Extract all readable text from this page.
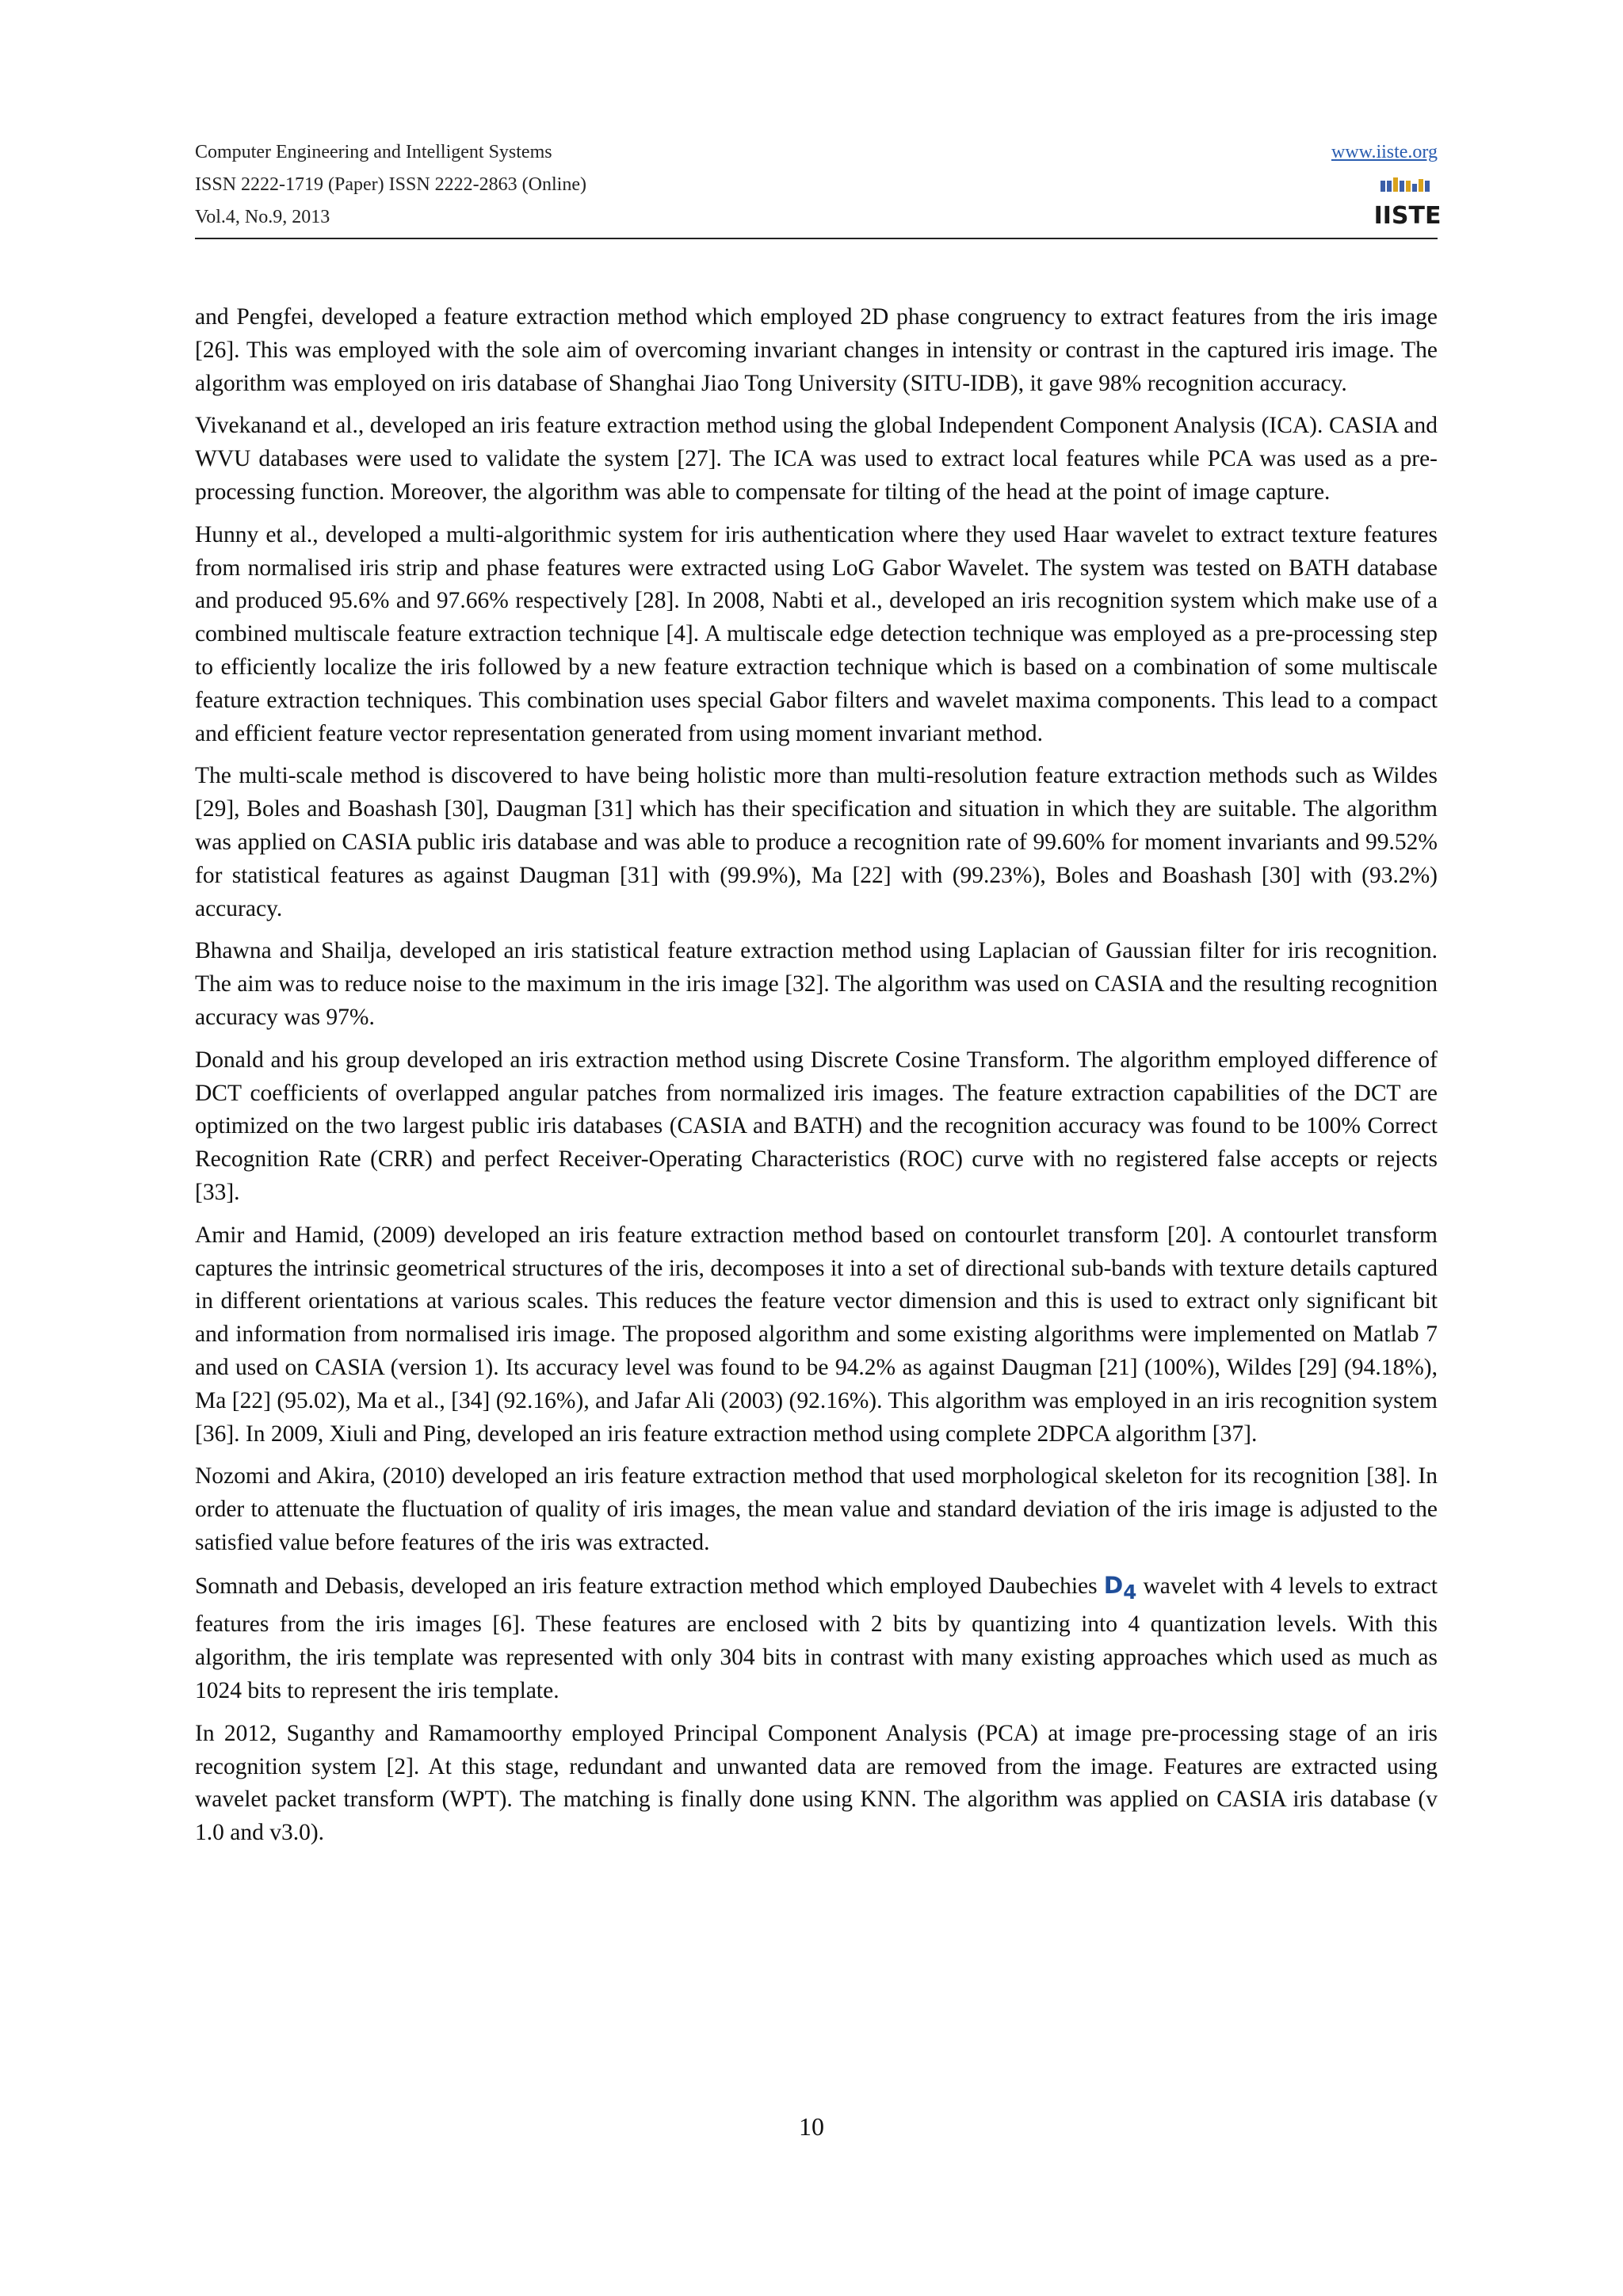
Computer Engineering and Intelligent Systems
ISSN 2222-1719 (Paper) ISSN 2222-2863 (Online)
Vol.4, No.9, 2013
www.iiste.org
IISTE

and Pengfei, developed a feature extraction method which employed 2D phase congruency to extract features from the iris image [26]. This was employed with the sole aim of overcoming invariant changes in intensity or contrast in the captured iris image. The algorithm was employed on iris database of Shanghai Jiao Tong University (SITU-IDB), it gave 98% recognition accuracy.

Vivekanand et al., developed an iris feature extraction method using the global Independent Component Analysis (ICA). CASIA and WVU databases were used to validate the system [27]. The ICA was used to extract local features while PCA was used as a pre-processing function. Moreover, the algorithm was able to compensate for tilting of the head at the point of image capture.

Hunny et al., developed a multi-algorithmic system for iris authentication where they used Haar wavelet to extract texture features from normalised iris strip and phase features were extracted using LoG Gabor Wavelet. The system was tested on BATH database and produced 95.6% and 97.66% respectively [28]. In 2008, Nabti et al., developed an iris recognition system which make use of a combined multiscale feature extraction technique [4]. A multiscale edge detection technique was employed as a pre-processing step to efficiently localize the iris followed by a new feature extraction technique which is based on a combination of some multiscale feature extraction techniques. This combination uses special Gabor filters and wavelet maxima components. This lead to a compact and efficient feature vector representation generated from using moment invariant method.

The multi-scale method is discovered to have being holistic more than multi-resolution feature extraction methods such as Wildes [29], Boles and Boashash [30], Daugman [31] which has their specification and situation in which they are suitable. The algorithm was applied on CASIA public iris database and was able to produce a recognition rate of 99.60% for moment invariants and 99.52% for statistical features as against Daugman [31] with (99.9%), Ma [22] with (99.23%), Boles and Boashash [30] with (93.2%) accuracy.

Bhawna and Shailja, developed an iris statistical feature extraction method using Laplacian of Gaussian filter for iris recognition. The aim was to reduce noise to the maximum in the iris image [32]. The algorithm was used on CASIA and the resulting recognition accuracy was 97%.

Donald and his group developed an iris extraction method using Discrete Cosine Transform. The algorithm employed difference of DCT coefficients of overlapped angular patches from normalized iris images. The feature extraction capabilities of the DCT are optimized on the two largest public iris databases (CASIA and BATH) and the recognition accuracy was found to be 100% Correct Recognition Rate (CRR) and perfect Receiver-Operating Characteristics (ROC) curve with no registered false accepts or rejects [33].

Amir and Hamid, (2009) developed an iris feature extraction method based on contourlet transform [20]. A contourlet transform captures the intrinsic geometrical structures of the iris, decomposes it into a set of directional sub-bands with texture details captured in different orientations at various scales. This reduces the feature vector dimension and this is used to extract only significant bit and information from normalised iris image. The proposed algorithm and some existing algorithms were implemented on Matlab 7 and used on CASIA (version 1). Its accuracy level was found to be 94.2% as against Daugman [21] (100%), Wildes [29] (94.18%), Ma [22] (95.02), Ma et al., [34] (92.16%), and Jafar Ali (2003) (92.16%). This algorithm was employed in an iris recognition system [36]. In 2009, Xiuli and Ping, developed an iris feature extraction method using complete 2DPCA algorithm [37].

Nozomi and Akira, (2010) developed an iris feature extraction method that used morphological skeleton for its recognition [38]. In order to attenuate the fluctuation of quality of iris images, the mean value and standard deviation of the iris image is adjusted to the satisfied value before features of the iris was extracted.

Somnath and Debasis, developed an iris feature extraction method which employed Daubechies $D_4$ wavelet with 4 levels to extract features from the iris images [6]. These features are enclosed with 2 bits by quantizing into 4 quantization levels. With this algorithm, the iris template was represented with only 304 bits in contrast with many existing approaches which used as much as 1024 bits to represent the iris template.

In 2012, Suganthy and Ramamoorthy employed Principal Component Analysis (PCA) at image pre-processing stage of an iris recognition system [2]. At this stage, redundant and unwanted data are removed from the image. Features are extracted using wavelet packet transform (WPT). The matching is finally done using KNN. The algorithm was applied on CASIA iris database (v 1.0 and v3.0).

10
